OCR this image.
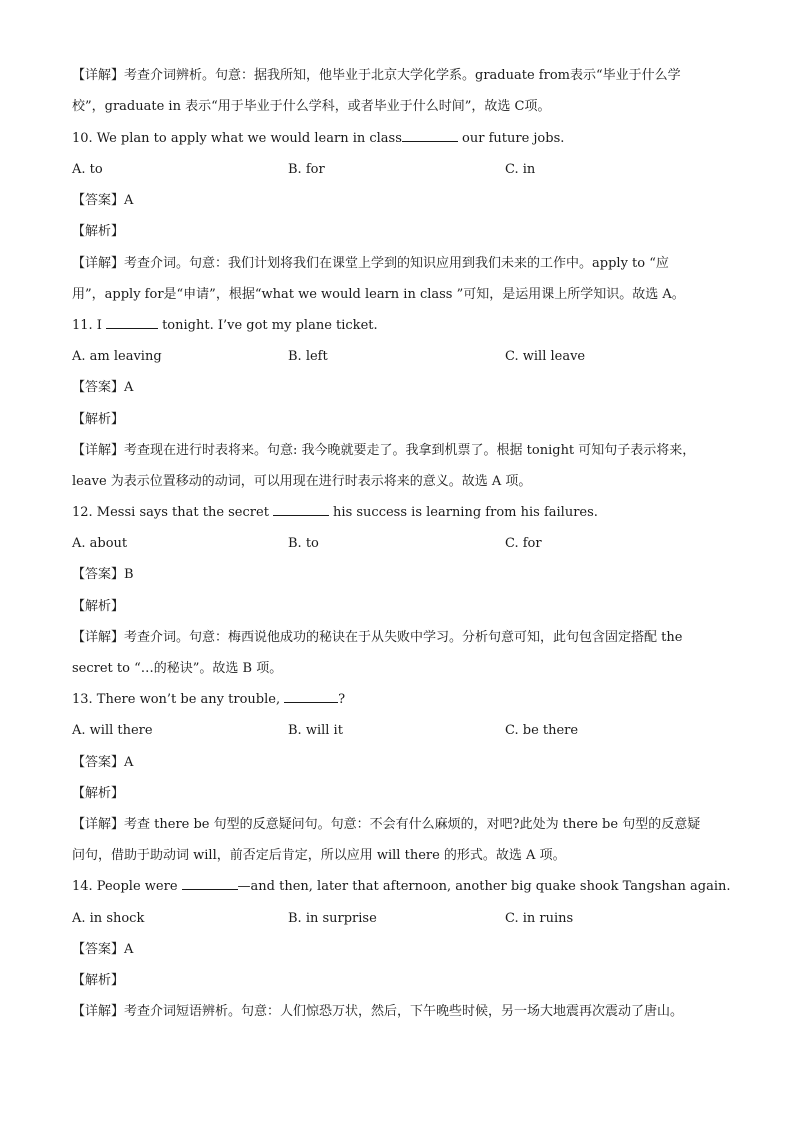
【详解】考查介词辨析。句意：据我所知，他毕业于北京大学化学系。graduate from表示“毕业于什么学
校”，graduate in 表示“用于毕业于什么学科，或者毕业于什么时间”，故选 C项。
10. We plan to apply what we would learn in class	our future jobs.
A. to	B. for	C. in
【答案】A
【解析】
【详解】考查介词。句意：我们计划将我们在课堂上学到的知识应用到我们未来的工作中。apply to “应
用”，apply for是“申请”，根据“what we would learn in class ”可知，是运用课上所学知识。故选 A。
11. I	tonight. I’ve got my plane ticket.
A. am leaving	B. left	C. will leave
【答案】A
【解析】
【详解】考查现在进行时表将来。句意: 我今晚就要走了。我拿到机票了。根据 tonight 可知句子表示将来，
leave 为表示位置移动的动词，可以用现在进行时表示将来的意义。故选 A 项。
12. Messi says that the secret	his success is learning from his failures.
A. about	B. to	C. for
【答案】B
【解析】
【详解】考查介词。句意：梅西说他成功的秘诀在于从失败中学习。分析句意可知，此句包含固定搭配 the
secret to “…的秘诀”。故选 B 项。
13. There won’t be any trouble,	?
A. will there	B. will it	C. be there
【答案】A
【解析】
【详解】考查 there be 句型的反意疑问句。句意：不会有什么麻烦的，对吧?此处为 there be 句型的反意疑
问句，借助于助动词 will，前否定后肯定，所以应用 will there 的形式。故选 A 项。
14. People were	—and then, later that afternoon, another big quake shook Tangshan again.
A. in shock	B. in surprise	C. in ruins
【答案】A
【解析】
【详解】考查介词短语辨析。句意：人们惊恐万状，然后，下午晚些时候，另一场大地震再次震动了唐山。
